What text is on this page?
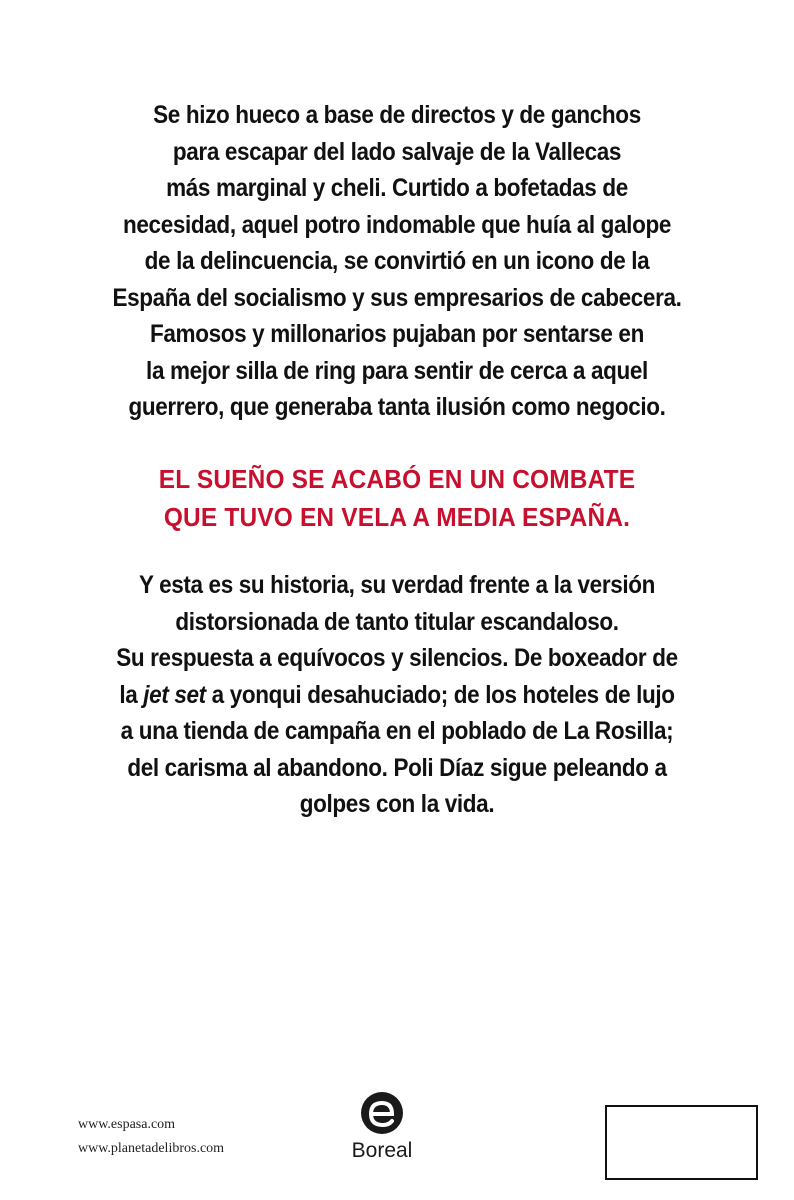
Se hizo hueco a base de directos y de ganchos
para escapar del lado salvaje de la Vallecas
más marginal y cheli. Curtido a bofetadas de
necesidad, aquel potro indomable que huía al galope
de la delincuencia, se convirtió en un icono de la
España del socialismo y sus empresarios de cabecera.
Famosos y millonarios pujaban por sentarse en
la mejor silla de ring para sentir de cerca a aquel
guerrero, que generaba tanta ilusión como negocio.
EL SUEÑO SE ACABÓ EN UN COMBATE
QUE TUVO EN VELA A MEDIA ESPAÑA.
Y esta es su historia, su verdad frente a la versión
distorsionada de tanto titular escandaloso.
Su respuesta a equívocos y silencios. De boxeador de
la jet set a yonqui desahuciado; de los hoteles de lujo
a una tienda de campaña en el poblado de La Rosilla;
del carisma al abandono. Poli Díaz sigue peleando a
golpes con la vida.
www.espasa.com
www.planetadelibros.com	Boreal
